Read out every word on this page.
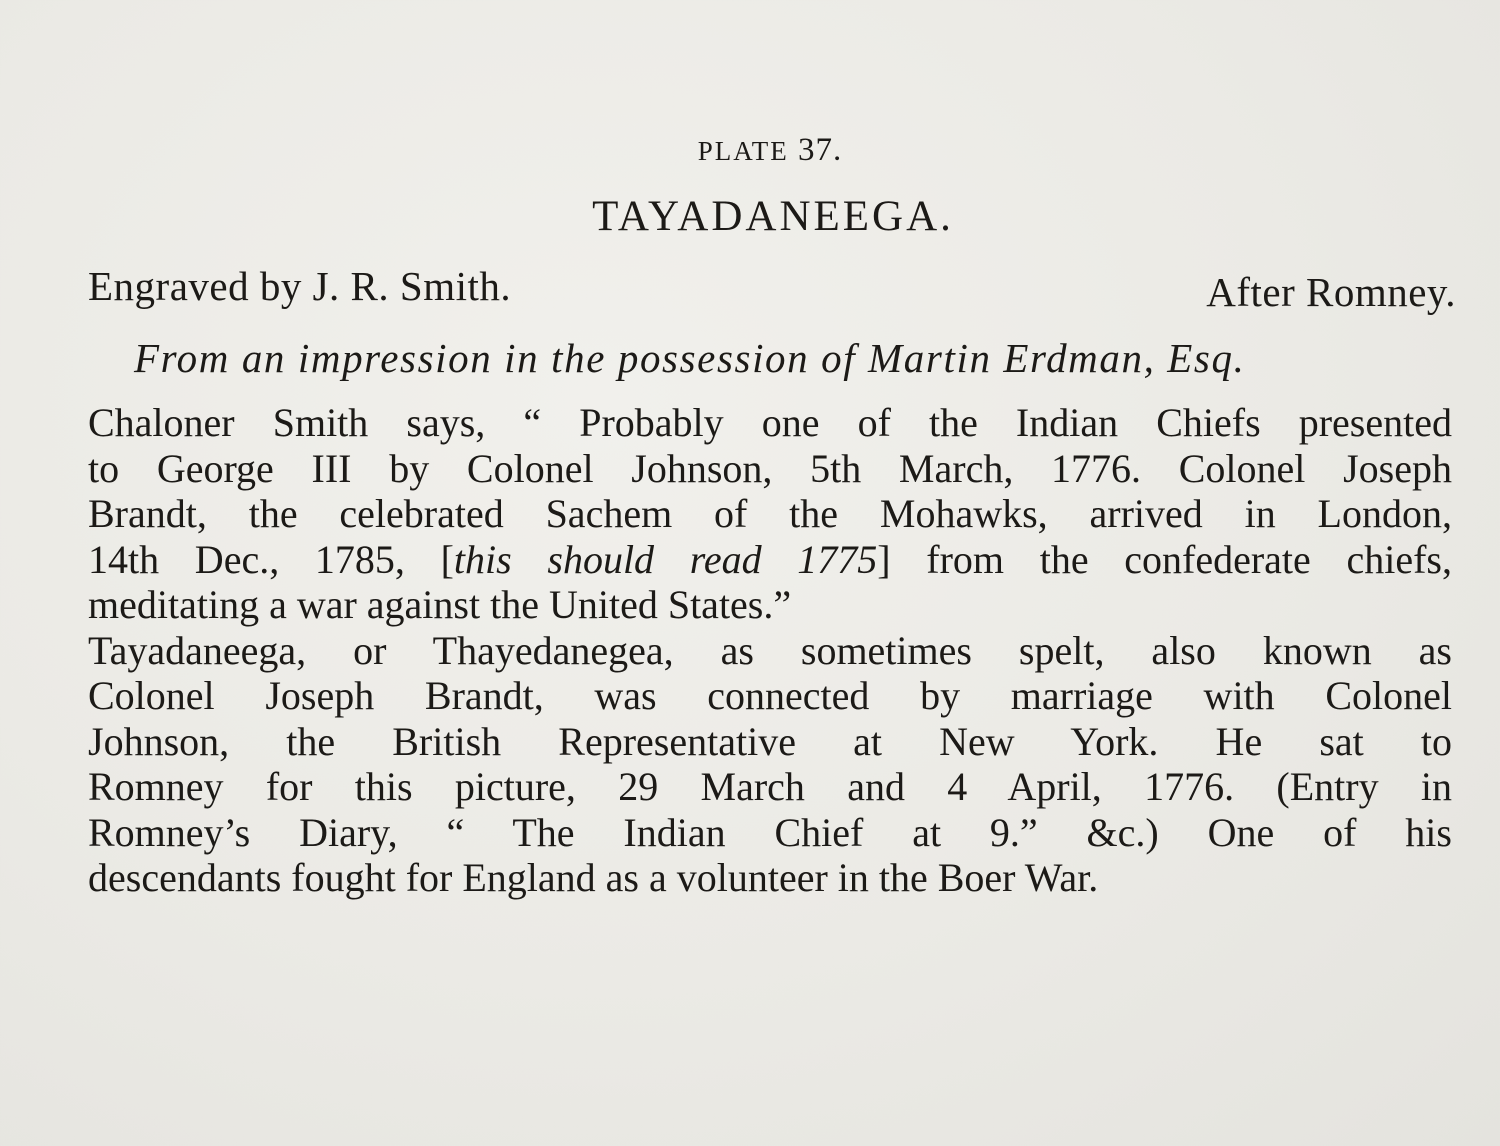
PLATE 37.
TAYADANEEGA.
Engraved by J. R. Smith.	After Romney.
From an impression in the possession of Martin Erdman, Esq.
Chaloner Smith says, “ Probably one of the Indian Chiefs presented
to George III by Colonel Johnson, 5th March, 1776. Colonel Joseph
Brandt, the celebrated Sachem of the Mohawks, arrived in London,
14th Dec., 1785, [this should read 1775] from the confederate chiefs,
meditating a war against the United States.”
Tayadaneega, or Thayedanegea, as sometimes spelt, also known as
Colonel Joseph Brandt, was connected by marriage with Colonel
Johnson, the British Representative at New York. He sat to
Romney for this picture, 29 March and 4 April, 1776. (Entry in
Romney’s Diary, “ The Indian Chief at 9.” &c.) One of his
descendants fought for England as a volunteer in the Boer War.
